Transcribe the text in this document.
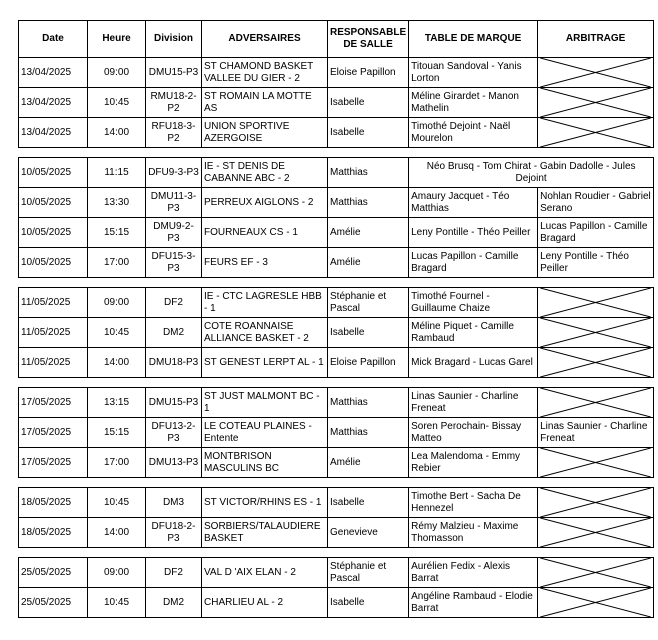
Date	Heure	Division	ADVERSAIRES	RESPONSABLE DE SALLE	TABLE DE MARQUE	ARBITRAGE
13/04/2025	09:00	DMU15-P3	ST CHAMOND BASKET VALLEE DU GIER - 2	Eloise Papillon	Titouan Sandoval - Yanis Lorton	

13/04/2025	10:45	RMU18-2-P2	ST ROMAIN LA MOTTE AS	Isabelle	Méline Girardet - Manon Mathelin	

13/04/2025	14:00	RFU18-3-P2	UNION SPORTIVE AZERGOISE	Isabelle	Timothé Dejoint - Naël Mourelon	

10/05/2025	11:15	DFU9-3-P3	IE - ST DENIS DE CABANNE ABC - 2	Matthias	Néo Brusq - Tom Chirat - Gabin Dadolle - Jules Dejoint	
10/05/2025	13:30	DMU11-3-P3	PERREUX AIGLONS - 2	Matthias	Amaury Jacquet - Téo Matthias	Nohlan Roudier - Gabriel Serano
10/05/2025	15:15	DMU9-2-P3	FOURNEAUX CS - 1	Amélie	Leny Pontille - Théo Peiller	Lucas Papillon - Camille Bragard
10/05/2025	17:00	DFU15-3-P3	FEURS EF - 3	Amélie	Lucas Papillon - Camille Bragard	Leny Pontille - Théo Peiller

11/05/2025	09:00	DF2	IE - CTC LAGRESLE HBB - 1	Stéphanie et Pascal	Timothé Fournel - Guillaume Chaize	

11/05/2025	10:45	DM2	COTE ROANNAISE ALLIANCE BASKET - 2	Isabelle	Méline Piquet - Camille Rambaud	

11/05/2025	14:00	DMU18-P3	ST GENEST LERPT AL - 1	Eloise Papillon	Mick Bragard - Lucas Garel	

17/05/2025	13:15	DMU15-P3	ST JUST MALMONT BC - 1	Matthias	Linas Saunier - Charline Freneat	

17/05/2025	15:15	DFU13-2-P3	LE COTEAU PLAINES - Entente	Matthias	Soren Perochain- Bissay Matteo	Linas Saunier - Charline Freneat
17/05/2025	17:00	DMU13-P3	MONTBRISON MASCULINS BC	Amélie	Lea Malendoma - Emmy Rebier	

18/05/2025	10:45	DM3	ST VICTOR/RHINS ES - 1	Isabelle	Timothe Bert - Sacha De Hennezel	

18/05/2025	14:00	DFU18-2-P3	SORBIERS/TALAUDIERE BASKET	Genevieve	Rémy Malzieu - Maxime Thomasson	

25/05/2025	09:00	DF2	VAL D 'AIX ELAN - 2	Stéphanie et Pascal	Aurélien Fedix - Alexis Barrat	

25/05/2025	10:45	DM2	CHARLIEU AL - 2	Isabelle	Angéline Rambaud - Elodie Barrat	
